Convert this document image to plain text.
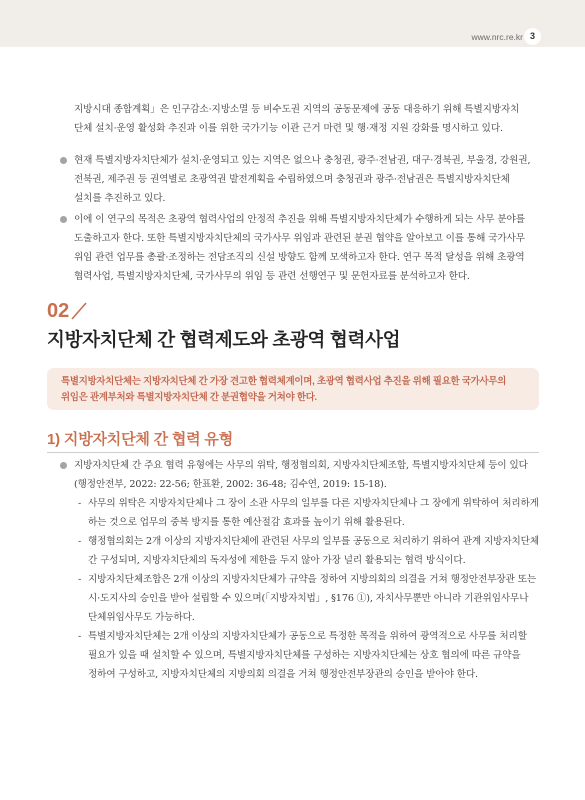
www.nrc.re.kr 3
지방시대 종합계획」은 인구감소·지방소멸 등 비수도권 지역의 공동문제에 공동 대응하기 위해 특별지방자치
단체 설치·운영 활성화 추진과 이를 위한 국가기능 이관 근거 마련 및 행·재정 지원 강화를 명시하고 있다.
현재 특별지방자치단체가 설치·운영되고 있는 지역은 없으나 충청권, 광주·전남권, 대구·경북권, 부울경, 강원권,
전북권, 제주권 등 권역별로 초광역권 발전계획을 수립하였으며 충청권과 광주·전남권은 특별지방자치단체
설치를 추진하고 있다.
이에 이 연구의 목적은 초광역 협력사업의 안정적 추진을 위해 특별지방자치단체가 수행하게 되는 사무 분야를
도출하고자 한다. 또한 특별지방자치단체의 국가사무 위임과 관련된 분권 협약을 알아보고 이를 통해 국가사무
위임 관련 업무를 총괄·조정하는 전담조직의 신설 방향도 함께 모색하고자 한다. 연구 목적 달성을 위해 초광역
협력사업, 특별지방자치단체, 국가사무의 위임 등 관련 선행연구 및 문헌자료를 분석하고자 한다.
02
지방자치단체 간 협력제도와 초광역 협력사업

특별지방자치단체는 지방자치단체 간 가장 견고한 협력체계이며, 초광역 협력사업 추진을 위해 필요한 국가사무의
위임은 관계부처와 특별지방자치단체 간 분권협약을 거쳐야 한다.

1) 지방자치단체 간 협력 유형
지방자치단체 간 주요 협력 유형에는 사무의 위탁, 행정협의회, 지방자치단체조합, 특별지방자치단체 등이 있다
(행정안전부, 2022: 22-56; 한표환, 2002: 36-48; 김수연, 2019: 15-18).
- 사무의 위탁은 지방자치단체나 그 장이 소관 사무의 일부를 다른 지방자치단체나 그 장에게 위탁하여 처리하게
하는 것으로 업무의 중복 방지를 통한 예산절감 효과를 높이기 위해 활용된다.
- 행정협의회는 2개 이상의 지방자치단체에 관련된 사무의 일부를 공동으로 처리하기 위하여 관계 지방자치단체
간 구성되며, 지방자치단체의 독자성에 제한을 두지 않아 가장 널리 활용되는 협력 방식이다.
- 지방자치단체조합은 2개 이상의 지방자치단체가 규약을 정하여 지방의회의 의결을 거쳐 행정안전부장관 또는
시·도지사의 승인을 받아 설립할 수 있으며(「지방자치법」, §176 ①), 자치사무뿐만 아니라 기관위임사무나
단체위임사무도 가능하다.
- 특별지방자치단체는 2개 이상의 지방자치단체가 공동으로 특정한 목적을 위하여 광역적으로 사무를 처리할
필요가 있을 때 설치할 수 있으며, 특별지방자치단체를 구성하는 지방자치단체는 상호 협의에 따른 규약을
정하여 구성하고, 지방자치단체의 지방의회 의결을 거쳐 행정안전부장관의 승인을 받아야 한다.
